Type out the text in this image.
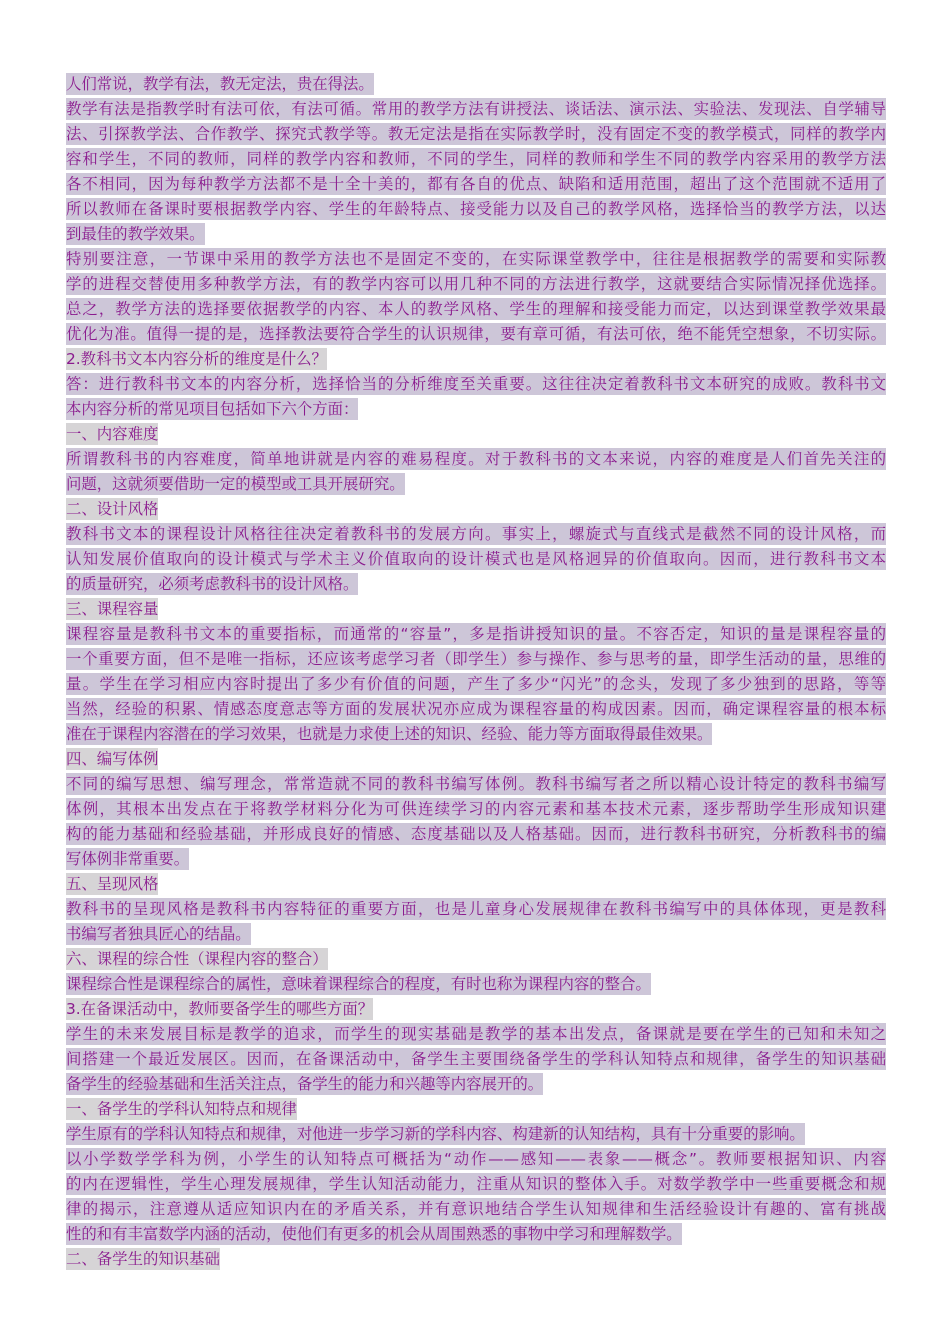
人们常说，教学有法，教无定法，贵在得法。
教学有法是指教学时有法可依，有法可循。常用的教学方法有讲授法、谈话法、演示法、实验法、发现法、自学辅导
法、引探教学法、合作教学、探究式教学等。教无定法是指在实际教学时，没有固定不变的教学模式，同样的教学内
容和学生，不同的教师，同样的教学内容和教师，不同的学生，同样的教师和学生不同的教学内容采用的教学方法
各不相同，因为每种教学方法都不是十全十美的，都有各自的优点、缺陷和适用范围，超出了这个范围就不适用了
所以教师在备课时要根据教学内容、学生的年龄特点、接受能力以及自己的教学风格，选择恰当的教学方法，以达
到最佳的教学效果。
特别要注意，一节课中采用的教学方法也不是固定不变的，在实际课堂教学中，往往是根据教学的需要和实际教
学的进程交替使用多种教学方法，有的教学内容可以用几种不同的方法进行教学，这就要结合实际情况择优选择。
总之，教学方法的选择要依据教学的内容、本人的教学风格、学生的理解和接受能力而定，以达到课堂教学效果最
优化为准。值得一提的是，选择教法要符合学生的认识规律，要有章可循，有法可依，绝不能凭空想象，不切实际。
2.教科书文本内容分析的维度是什么？
答：进行教科书文本的内容分析，选择恰当的分析维度至关重要。这往往决定着教科书文本研究的成败。教科书文
本内容分析的常见项目包括如下六个方面：
一、内容难度
所谓教科书的内容难度，简单地讲就是内容的难易程度。对于教科书的文本来说，内容的难度是人们首先关注的
问题，这就须要借助一定的模型或工具开展研究。
二、设计风格
教科书文本的课程设计风格往往决定着教科书的发展方向。事实上，螺旋式与直线式是截然不同的设计风格，而
认知发展价值取向的设计模式与学术主义价值取向的设计模式也是风格迥异的价值取向。因而，进行教科书文本
的质量研究，必须考虑教科书的设计风格。
三、课程容量
课程容量是教科书文本的重要指标，而通常的“容量”，多是指讲授知识的量。不容否定，知识的量是课程容量的
一个重要方面，但不是唯一指标，还应该考虑学习者（即学生）参与操作、参与思考的量，即学生活动的量，思维的
量。学生在学习相应内容时提出了多少有价值的问题，产生了多少“闪光”的念头，发现了多少独到的思路，等等
当然，经验的积累、情感态度意志等方面的发展状况亦应成为课程容量的构成因素。因而，确定课程容量的根本标
准在于课程内容潜在的学习效果，也就是力求使上述的知识、经验、能力等方面取得最佳效果。
四、编写体例
不同的编写思想、编写理念，常常造就不同的教科书编写体例。教科书编写者之所以精心设计特定的教科书编写
体例，其根本出发点在于将教学材料分化为可供连续学习的内容元素和基本技术元素，逐步帮助学生形成知识建
构的能力基础和经验基础，并形成良好的情感、态度基础以及人格基础。因而，进行教科书研究，分析教科书的编
写体例非常重要。
五、呈现风格
教科书的呈现风格是教科书内容特征的重要方面，也是儿童身心发展规律在教科书编写中的具体体现，更是教科
书编写者独具匠心的结晶。
六、课程的综合性（课程内容的整合）
课程综合性是课程综合的属性，意味着课程综合的程度，有时也称为课程内容的整合。
3.在备课活动中，教师要备学生的哪些方面？
学生的未来发展目标是教学的追求，而学生的现实基础是教学的基本出发点，备课就是要在学生的已知和未知之
间搭建一个最近发展区。因而，在备课活动中，备学生主要围绕备学生的学科认知特点和规律，备学生的知识基础
备学生的经验基础和生活关注点，备学生的能力和兴趣等内容展开的。
一、备学生的学科认知特点和规律
学生原有的学科认知特点和规律，对他进一步学习新的学科内容、构建新的认知结构，具有十分重要的影响。
以小学数学学科为例，小学生的认知特点可概括为“动作——感知——表象——概念”。教师要根据知识、内容
的内在逻辑性，学生心理发展规律，学生认知活动能力，注重从知识的整体入手。对数学教学中一些重要概念和规
律的揭示，注意遵从适应知识内在的矛盾关系，并有意识地结合学生认知规律和生活经验设计有趣的、富有挑战
性的和有丰富数学内涵的活动，使他们有更多的机会从周围熟悉的事物中学习和理解数学。
二、备学生的知识基础
